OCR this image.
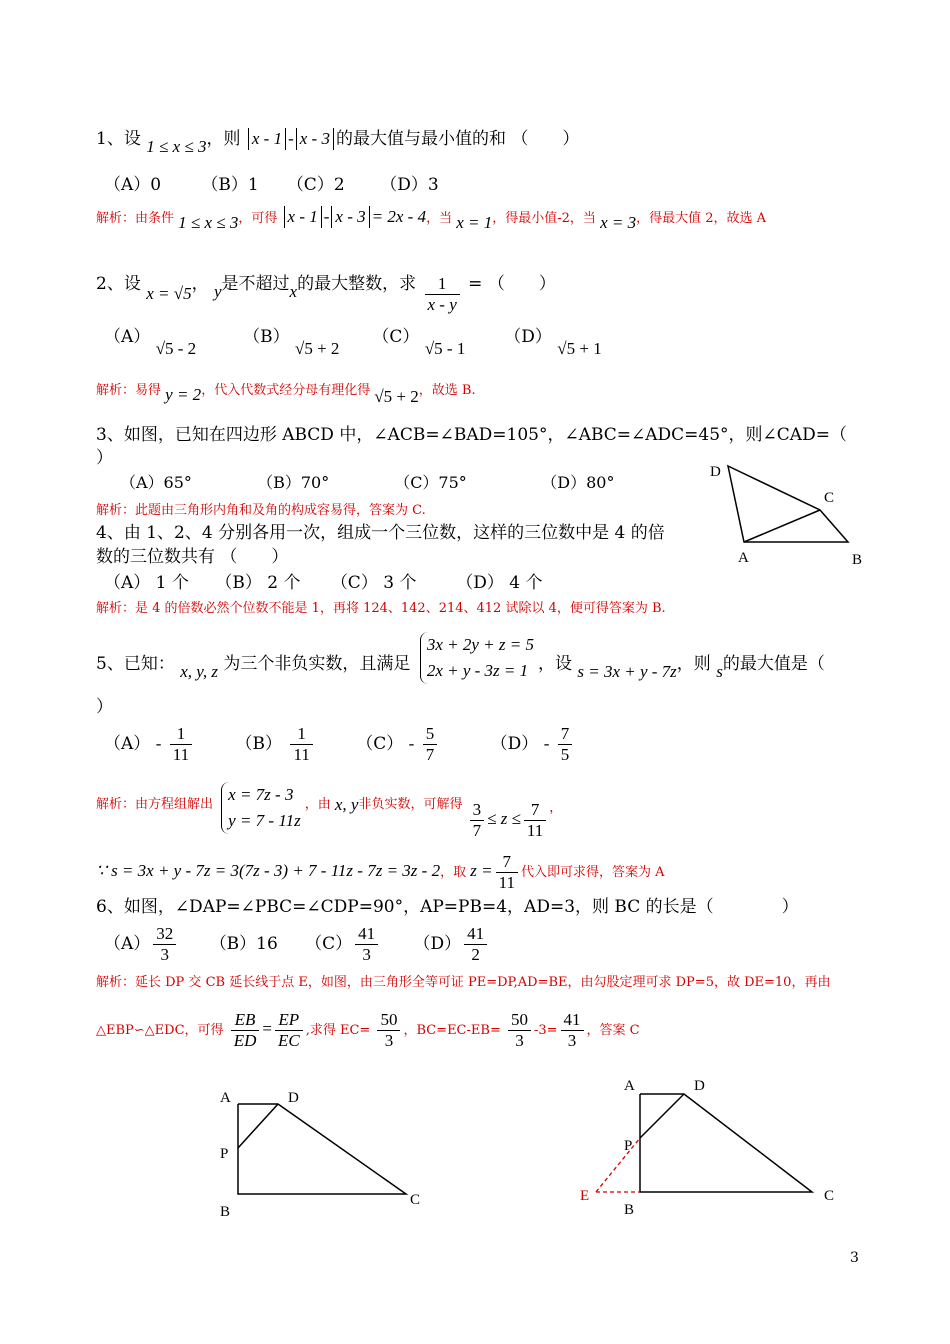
1、设 1 ≤ x ≤ 3，则 x - 1 - x - 3 的最大值与最小值的和 （　　）
（A）0 （B）1 （C）2 （D）3
解析：由条件 1 ≤ x ≤ 3，可得 x - 1 - x - 3 = 2x - 4，当 x = 1，得最小值-2，当 x = 3，得最大值 2，故选 A
2、设 x = √5， y是不超过x的最大整数，求 $\frac{1}{x - y}$ = （　　）
（A） √5 - 2 （B） √5 + 2 （C） √5 - 1 （D） √5 + 1
解析：易得 y = 2，代入代数式经分母有理化得 √5 + 2，故选 B.
3、如图，已知在四边形 ABCD 中，∠ACB=∠BAD=105°，∠ABC=∠ADC=45°，则∠CAD=（
）
（A）65°	（B）70°	（C）75°	（D）80°
解析：此题由三角形内角和及角的构成容易得，答案为 C.
D
C
A	B
4、由 1、2、4 分别各用一次，组成一个三位数，这样的三位数中是 4 的倍
数的三位数共有 （　　）
（A） 1 个 （B） 2 个 （C） 3 个 （D） 4 个
解析：是 4 的倍数必然个位数不能是 1，再将 124、142、214、412 试除以 4，便可得答案为 B.
5、已知： x, y, z 为三个非负实数，且满足
3x + 2y + z = 5
2x + y - 3z = 1 ，设 s = 3x + y - 7z，则 s的最大值是（
）
$(A) - \frac{1}{11}$	$(B) \frac{1}{11}$	$(C) - \frac{5}{7}$	$(D) - \frac{7}{5}$
解析：由方程组解出 x = 7z - 3
y = 7 - 11z
，由 x, y非负实数，可解得 $\frac{3}{7} \le z \le \frac{7}{11}$ ，
∵ s = 3x + y - 7z = 3(7z - 3) + 7 - 11z - 7z = 3z - 2，取 $z = \frac{7}{11}$ 代入即可求得，答案为 A
6、如图，∠DAP=∠PBC=∠CDP=90°，AP=PB=4，AD=3，则 BC 的长是（　　　　）
$(A) \frac{32}{3} (B)16$ $(C) \frac{41}{3} (D) \frac{41}{2}$
解析：延长 DP 交 CB 延长线于点 E，如图，由三角形全等可证 PE=DP,AD=BE，由勾股定理可求 DP=5，故 DE=10，再由
△EBP∽△EDC，可得 $\frac{EB}{ED} = \frac{EP}{EC}$ ,求得 $EC= \frac{50}{3}$ ，$BC=EC-EB= \frac{50}{3} -3= \frac{41}{3}$ ，答案 C
A	D
P
B
C
A	D
P
E
B
C
3
